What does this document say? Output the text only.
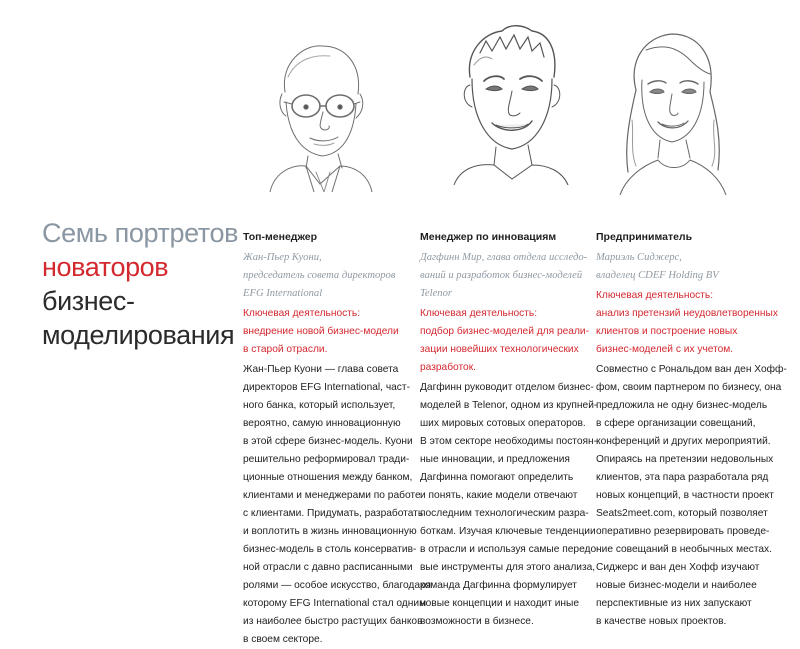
Семь портретов
новаторов
бизнес-
моделирования
Топ-менеджер
Жан-Пьер Куони,
председатель совета директоров
EFG International
Ключевая деятельность:
внедрение новой бизнес-модели
в старой отрасли.
Жан-Пьер Куони — глава совета
директоров EFG International, част-
ного банка, который использует,
вероятно, самую инновационную
в этой сфере бизнес-модель. Куони
решительно реформировал тради-
ционные отношения между банком,
клиентами и менеджерами по работе
с клиентами. Придумать, разработать
и воплотить в жизнь инновационную
бизнес-модель в столь консерватив-
ной отрасли с давно расписанными
ролями — особое искусство, благодаря
которому EFG International стал одним
из наиболее быстро растущих банков
в своем секторе.
Менеджер по инновациям
Дагфинн Мир, глава отдела исследо-
ваний и разработок бизнес-моделей
Telenor
Ключевая деятельность:
подбор бизнес-моделей для реали-
зации новейших технологических
разработок.
Дагфинн руководит отделом бизнес-
моделей в Telenor, одном из крупней-
ших мировых сотовых операторов.
В этом секторе необходимы постоян-
ные инновации, и предложения
Дагфинна помогают определить
и понять, какие модели отвечают
последним технологическим разра-
боткам. Изучая ключевые тенденции
в отрасли и используя самые передо-
вые инструменты для этого анализа,
команда Дагфинна формулирует
новые концепции и находит иные
возможности в бизнесе.
Предприниматель
Мариэль Сиджерс,
владелец CDEF Holding BV
Ключевая деятельность:
анализ претензий неудовлетворенных
клиентов и построение новых
бизнес-моделей с их учетом.
Совместно с Рональдом ван ден Хофф-
фом, своим партнером по бизнесу, она
предложила не одну бизнес-модель
в сфере организации совещаний,
конференций и других мероприятий.
Опираясь на претензии недовольных
клиентов, эта пара разработала ряд
новых концепций, в частности проект
Seats2meet.com, который позволяет
оперативно резервировать проведе-
ние совещаний в необычных местах.
Сиджерс и ван ден Хофф изучают
новые бизнес-модели и наиболее
перспективные из них запускают
в качестве новых проектов.
